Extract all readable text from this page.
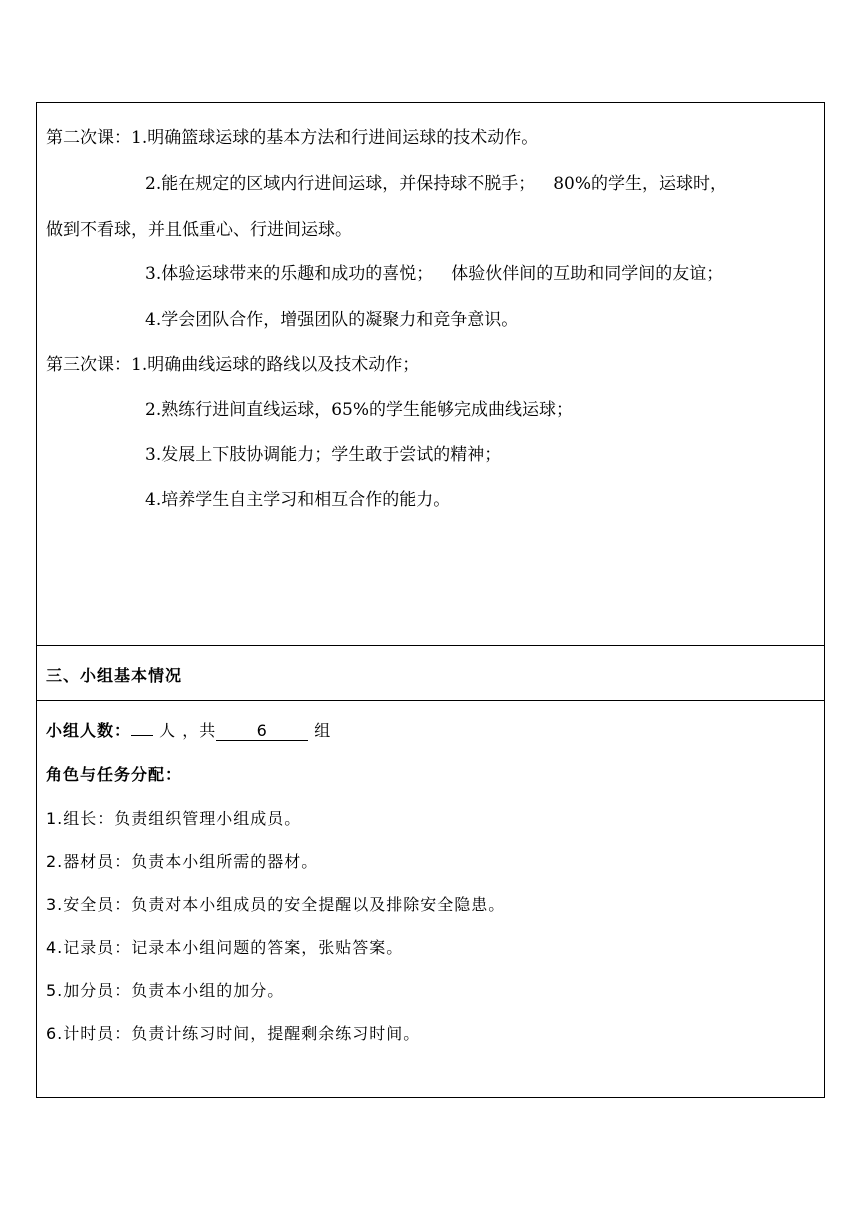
第二次课：1.明确篮球运球的基本方法和行进间运球的技术动作。
2.能在规定的区域内行进间运球，并保持球不脱手； 80%的学生，运球时，
做到不看球，并且低重心、行进间运球。
3.体验运球带来的乐趣和成功的喜悦； 体验伙伴间的互助和同学间的友谊；
4.学会团队合作，增强团队的凝聚力和竞争意识。
第三次课：1.明确曲线运球的路线以及技术动作；
2.熟练行进间直线运球，65%的学生能够完成曲线运球；
3.发展上下肢协调能力；学生敢于尝试的精神；
4.培养学生自主学习和相互合作的能力。
三、小组基本情况
小组人数： 人 ，共	6	组
角色与任务分配：
1.组长：负责组织管理小组成员。
2.器材员：负责本小组所需的器材。
3.安全员：负责对本小组成员的安全提醒以及排除安全隐患。
4.记录员：记录本小组问题的答案，张贴答案。
5.加分员：负责本小组的加分。
6.计时员：负责计练习时间，提醒剩余练习时间。
